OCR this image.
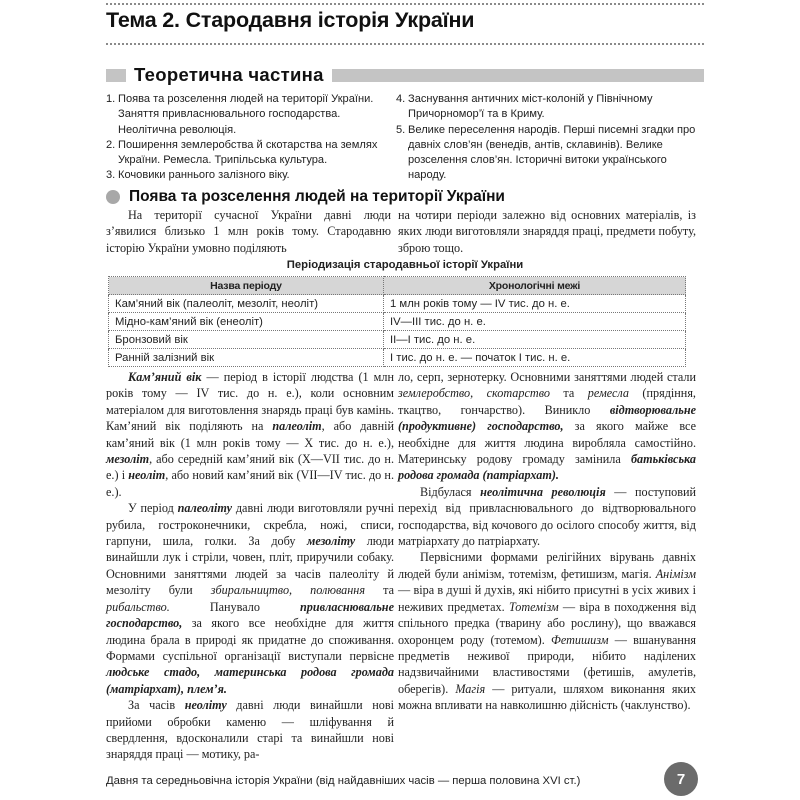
Тема 2. Стародавня історія України
Теоретична частина
1. Поява та розселення людей на території України. Заняття привласнювального господарства. Неолітична революція.
2. Поширення землеробства й скотарства на землях України. Ремесла. Трипільська культура.
3. Кочовики раннього залізного віку.
4. Заснування античних міст-колоній у Північному Причорномор’ї та в Криму.
5. Велике переселення народів. Перші писемні згадки про давніх слов’ян (венедів, антів, склавинів). Велике розселення слов’ян. Історичні витоки українського народу.
Поява та розселення людей на території України

На території сучасної України давні люди з’явилися близько 1 млн років тому. Стародавню історію України умовно поділяють

на чотири періоди залежно від основних матеріалів, із яких люди виготовляли знаряддя праці, предмети побуту, зброю тощо.

Періодизація стародавньої історії України
Назва періоду	Хронологічні межі
Кам’яний вік (палеоліт, мезоліт, неоліт)	1 млн років тому — IV тис. до н. е.
Мідно-кам’яний вік (енеоліт)	IV—III тис. до н. е.
Бронзовий вік	II—I тис. до н. е.
Ранній залізний вік	I тис. до н. е. — початок I тис. н. е.

Кам’яний вік — період в історії людства (1 млн років тому — IV тис. до н. е.), коли основним матеріалом для виготовлення знарядь праці був камінь. Кам’яний вік поділяють на палеоліт, або давній кам’яний вік (1 млн років тому — X тис. до н. е.), мезоліт, або середній кам’яний вік (X—VII тис. до н. е.) і неоліт, або новий кам’яний вік (VII—IV тис. до н. е.).

У період палеоліту давні люди виготовляли ручні рубила, гостроконечники, скребла, ножі, списи, гарпуни, шила, голки. За добу мезоліту люди винайшли лук і стріли, човен, пліт, приручили собаку. Основними заняттями людей за часів палеоліту й мезоліту були збиральництво, полювання та рибальство. Панувало привласнювальне господарство, за якого все необхідне для життя людина брала в природі як придатне до споживання. Формами суспільної організації виступали первісне людське стадо, материнська родова громада (матріархат), плем’я.

За часів неоліту давні люди винайшли нові прийоми обробки каменю — шліфування й свердлення, вдосконалили старі та винайшли нові знаряддя праці — мотику, ра-

ло, серп, зернотерку. Основними заняттями людей стали землеробство, скотарство та ремесла (прядіння, ткацтво, гончарство). Виникло відтворювальне (продуктивне) господарство, за якого майже все необхідне для життя людина виробляла самостійно. Материнську родову громаду замінила батьківська родова громада (патріархат).

Відбулася неолітична революція — поступовий перехід від привласнювального до відтворювального господарства, від кочового до осілого способу життя, від матріархату до патріархату.

Первісними формами релігійних вірувань давніх людей були анімізм, тотемізм, фетишизм, магія. Анімізм — віра в душі й духів, які нібито присутні в усіх живих і неживих предметах. Тотемізм — віра в походження від спільного предка (тварину або рослину), що вважався охоронцем роду (тотемом). Фетишизм — вшанування предметів неживої природи, нібито наділених надзвичайними властивостями (фетишів, амулетів, оберегів). Магія — ритуали, шляхом виконання яких можна впливати на навколишню дійсність (чаклунство).

Давня та середньовічна історія України (від найдавніших часів — перша половина XVI ст.)	7
